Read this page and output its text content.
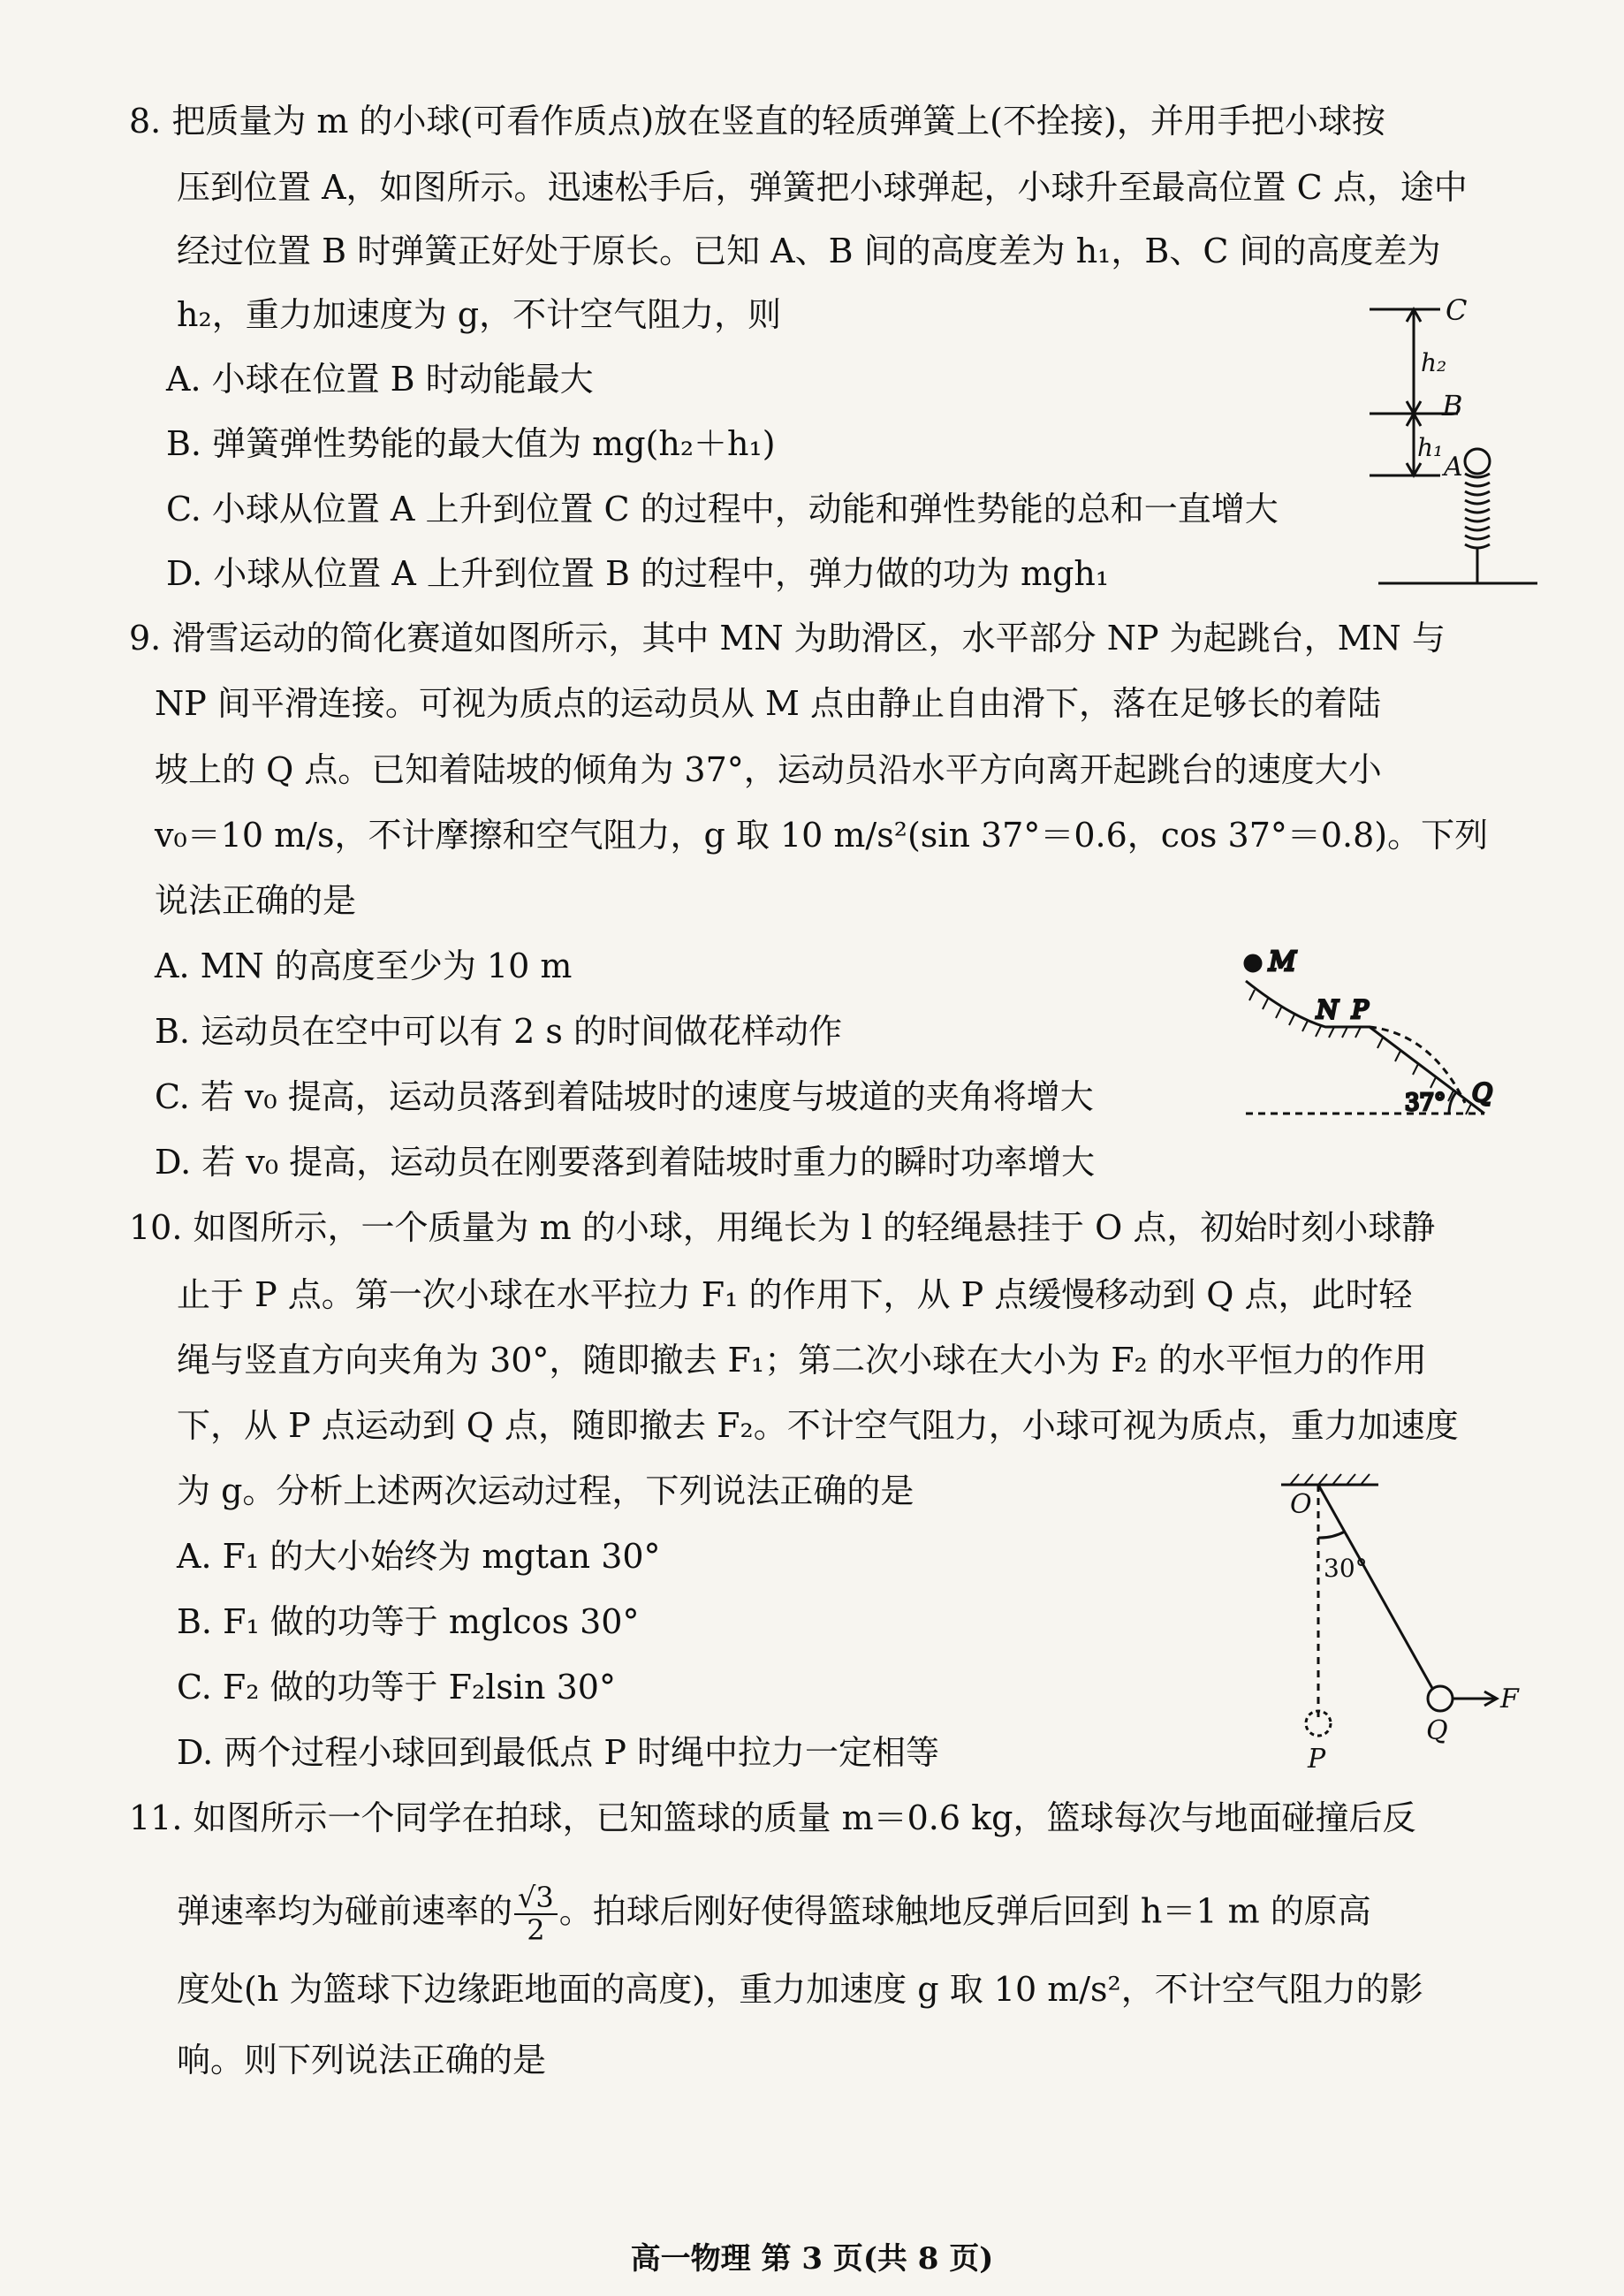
8. 把质量为 m 的小球(可看作质点)放在竖直的轻质弹簧上(不拴接)，并用手把小球按
压到位置 A，如图所示。迅速松手后，弹簧把小球弹起，小球升至最高位置 C 点，途中
经过位置 B 时弹簧正好处于原长。已知 A、B 间的高度差为 h₁，B、C 间的高度差为
h₂，重力加速度为 g，不计空气阻力，则
A. 小球在位置 B 时动能最大
B. 弹簧弹性势能的最大值为 mg(h₂＋h₁)
C. 小球从位置 A 上升到位置 C 的过程中，动能和弹性势能的总和一直增大
D. 小球从位置 A 上升到位置 B 的过程中，弹力做的功为 mgh₁
C
h₂
B
h₁
A
9. 滑雪运动的简化赛道如图所示，其中 MN 为助滑区，水平部分 NP 为起跳台，MN 与
NP 间平滑连接。可视为质点的运动员从 M 点由静止自由滑下，落在足够长的着陆
坡上的 Q 点。已知着陆坡的倾角为 37°，运动员沿水平方向离开起跳台的速度大小
v₀＝10 m/s，不计摩擦和空气阻力，g 取 10 m/s²(sin 37°＝0.6，cos 37°＝0.8)。下列
说法正确的是
A. MN 的高度至少为 10 m
B. 运动员在空中可以有 2 s 的时间做花样动作
C. 若 v₀ 提高，运动员落到着陆坡时的速度与坡道的夹角将增大
D. 若 v₀ 提高，运动员在刚要落到着陆坡时重力的瞬时功率增大
M
N P
Q
37°
10. 如图所示，一个质量为 m 的小球，用绳长为 l 的轻绳悬挂于 O 点，初始时刻小球静
止于 P 点。第一次小球在水平拉力 F₁ 的作用下，从 P 点缓慢移动到 Q 点，此时轻
绳与竖直方向夹角为 30°，随即撤去 F₁；第二次小球在大小为 F₂ 的水平恒力的作用
下，从 P 点运动到 Q 点，随即撤去 F₂。不计空气阻力，小球可视为质点，重力加速度
为 g。分析上述两次运动过程，下列说法正确的是
A. F₁ 的大小始终为 mgtan 30°
B. F₁ 做的功等于 mglcos 30°
C. F₂ 做的功等于 F₂lsin 30°
D. 两个过程小球回到最低点 P 时绳中拉力一定相等
O
30°
F
Q
P
11. 如图所示一个同学在拍球，已知篮球的质量 m＝0.6 kg，篮球每次与地面碰撞后反
弹速率均为碰前速率的 $\frac{√3}{2}$ 。拍球后刚好使得篮球触地反弹后回到 h＝1 m 的原高
度处(h 为篮球下边缘距地面的高度)，重力加速度 g 取 10 m/s²，不计空气阻力的影
响。则下列说法正确的是
高一物理 第 3 页(共 8 页)
